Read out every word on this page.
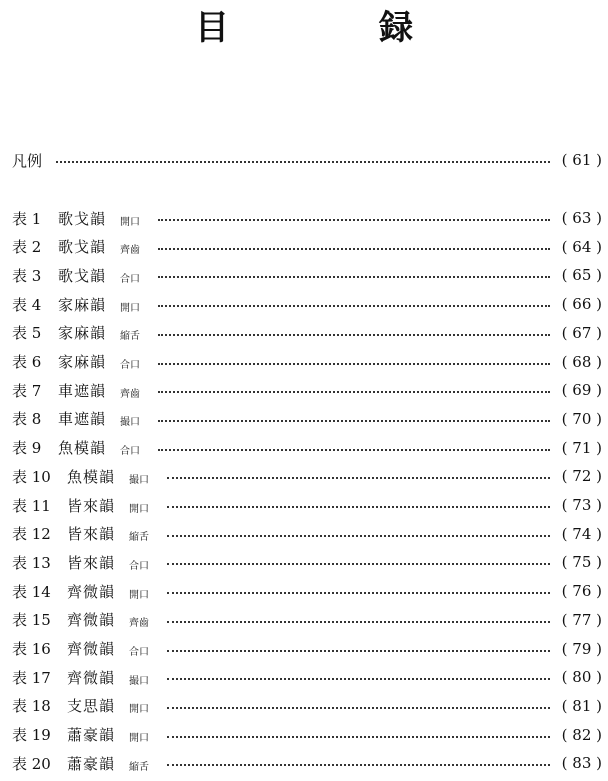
目　録
凡例	( 61 )
表 1	歌戈韻	開口	( 63 )
表 2	歌戈韻	齊齒	( 64 )
表 3	歌戈韻	合口	( 65 )
表 4	家麻韻	開口	( 66 )
表 5	家麻韻	縮舌	( 67 )
表 6	家麻韻	合口	( 68 )
表 7	車遮韻	齊齒	( 69 )
表 8	車遮韻	撮口	( 70 )
表 9	魚模韻	合口	( 71 )
表 10	魚模韻	撮口	( 72 )
表 11	皆來韻	開口	( 73 )
表 12	皆來韻	縮舌	( 74 )
表 13	皆來韻	合口	( 75 )
表 14	齊微韻	開口	( 76 )
表 15	齊微韻	齊齒	( 77 )
表 16	齊微韻	合口	( 79 )
表 17	齊微韻	撮口	( 80 )
表 18	支思韻	開口	( 81 )
表 19	蕭豪韻	開口	( 82 )
表 20	蕭豪韻	縮舌	( 83 )
